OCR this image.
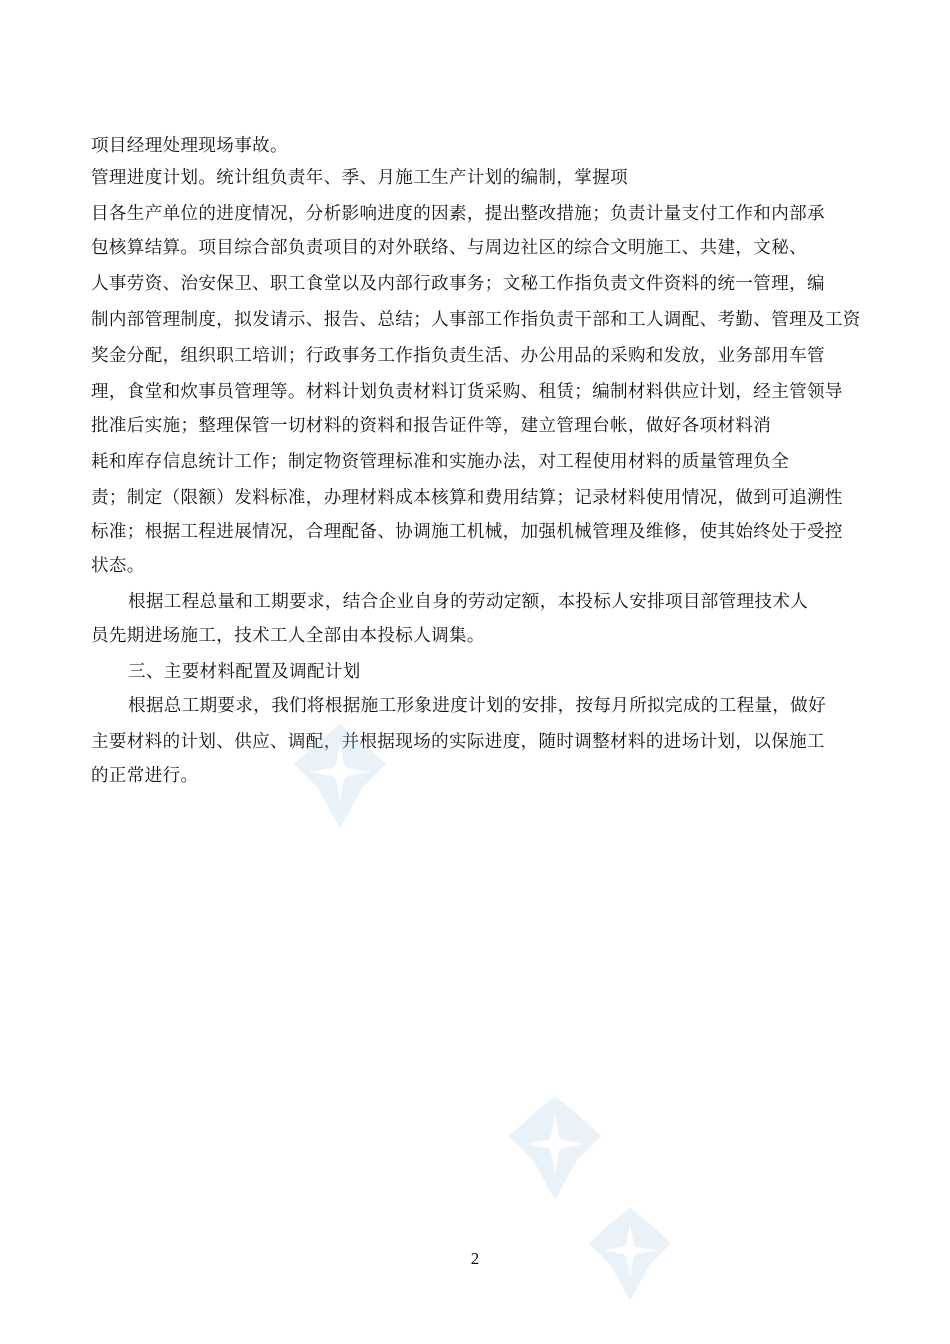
项目经理处理现场事故。
管理进度计划。统计组负责年、季、月施工生产计划的编制，掌握项
目各生产单位的进度情况，分析影响进度的因素，提出整改措施；负责计量支付工作和内部承
包核算结算。项目综合部负责项目的对外联络、与周边社区的综合文明施工、共建，文秘、
人事劳资、治安保卫、职工食堂以及内部行政事务；文秘工作指负责文件资料的统一管理，编
制内部管理制度，拟发请示、报告、总结；人事部工作指负责干部和工人调配、考勤、管理及工资
奖金分配，组织职工培训；行政事务工作指负责生活、办公用品的采购和发放，业务部用车管
理，食堂和炊事员管理等。材料计划负责材料订货采购、租赁；编制材料供应计划，经主管领导
批准后实施；整理保管一切材料的资料和报告证件等，建立管理台帐，做好各项材料消
耗和库存信息统计工作；制定物资管理标准和实施办法，对工程使用材料的质量管理负全
责；制定（限额）发料标准，办理材料成本核算和费用结算；记录材料使用情况，做到可追溯性
标准；根据工程进展情况，合理配备、协调施工机械，加强机械管理及维修，使其始终处于受控
状态。
根据工程总量和工期要求，结合企业自身的劳动定额，本投标人安排项目部管理技术人
员先期进场施工，技术工人全部由本投标人调集。
三、主要材料配置及调配计划
根据总工期要求，我们将根据施工形象进度计划的安排，按每月所拟完成的工程量，做好
主要材料的计划、供应、调配，并根据现场的实际进度，随时调整材料的进场计划，以保施工
的正常进行。
2
